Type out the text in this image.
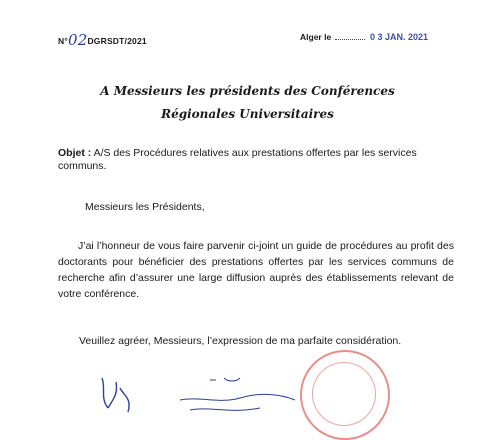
N°02DGRSDT/2021	Alger le	0 3 JAN. 2021
A Messieurs les présidents des Conférences
Régionales Universitaires
Objet : A/S des Procédures relatives aux prestations offertes par les services communs.
Messieurs les Présidents,
J’ai l’honneur de vous faire parvenir ci-joint un guide de procédures au profit des doctorants pour bénéficier des prestations offertes par les services communs de recherche afin d’assurer une large diffusion auprès des établissements relevant de votre conférence.
Veuillez agréer, Messieurs, l’expression de ma parfaite considération.
